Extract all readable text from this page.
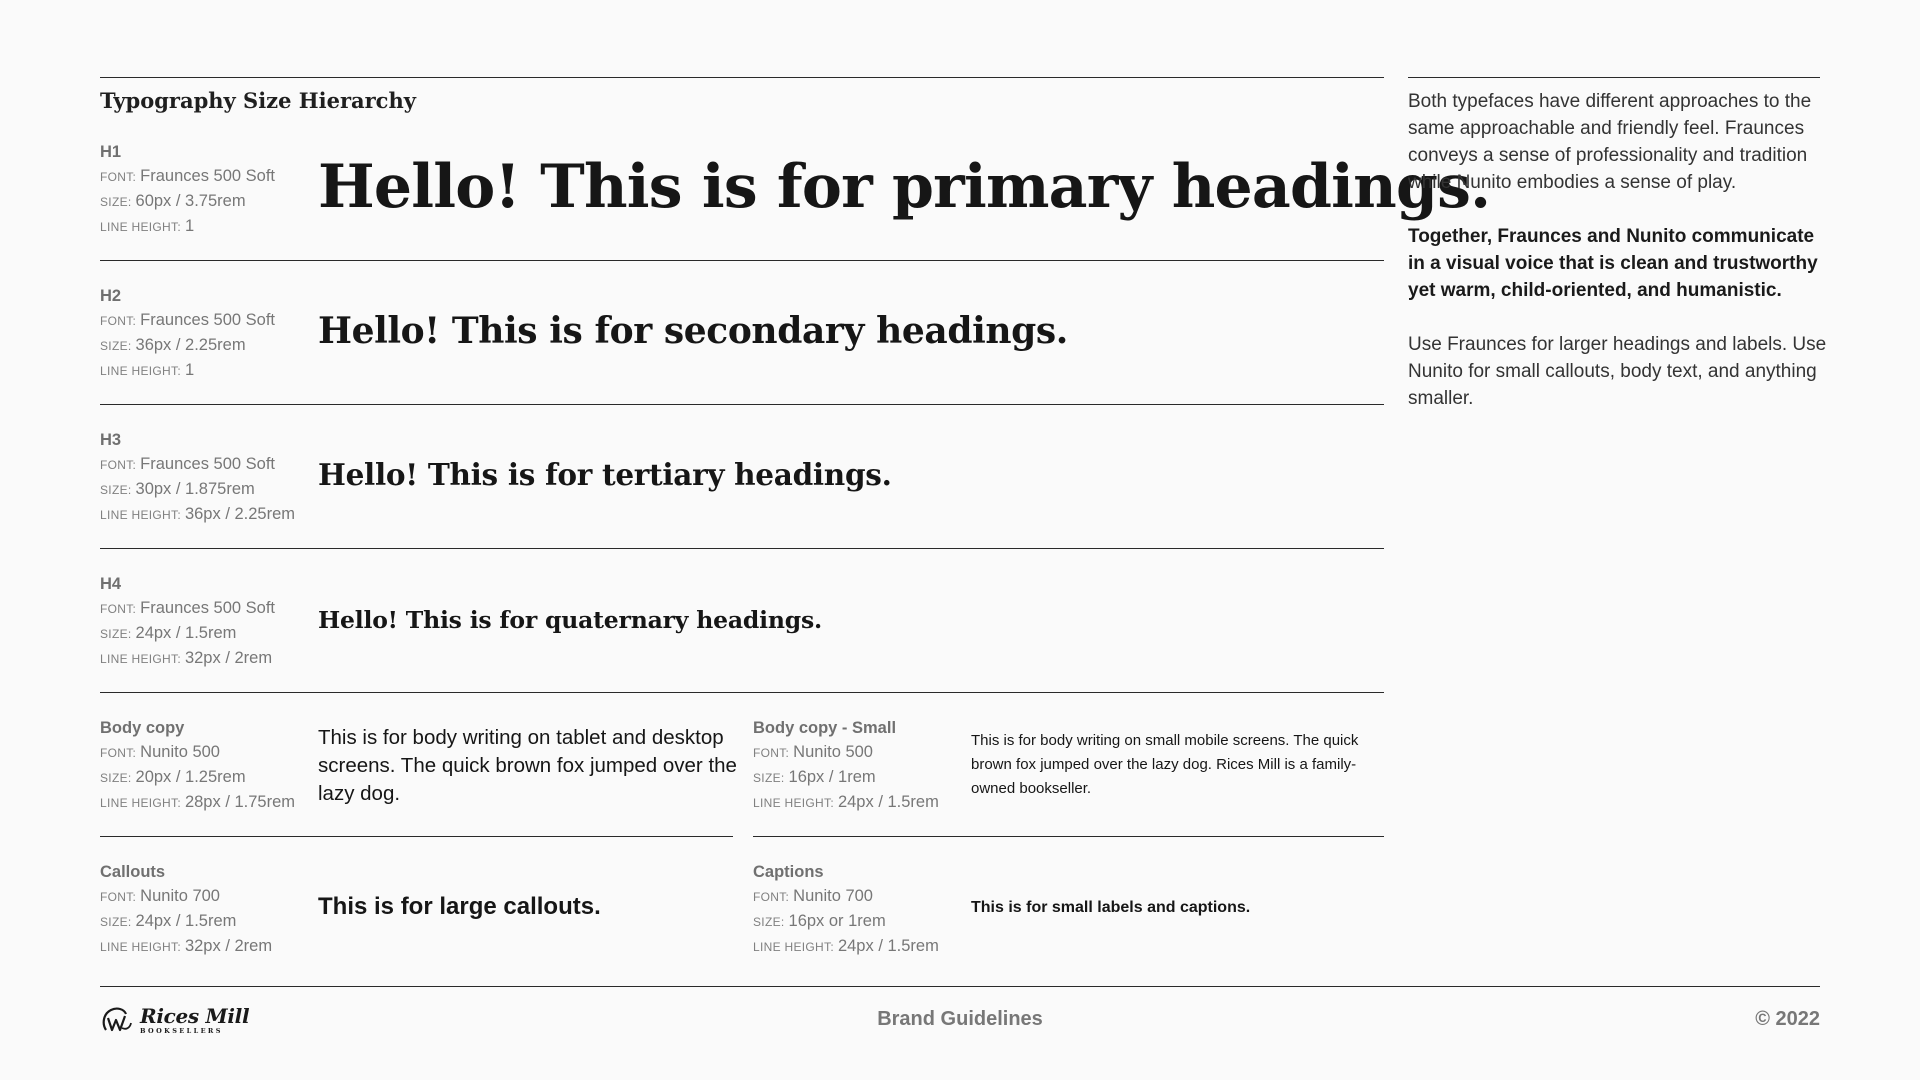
Typography Size Hierarchy
H1
FONT: Fraunces 500 Soft
SIZE: 60px / 3.75rem
LINE HEIGHT: 1
Hello! This is for primary headings.
H2
FONT: Fraunces 500 Soft
SIZE: 36px / 2.25rem
LINE HEIGHT: 1
Hello! This is for secondary headings.
H3
FONT: Fraunces 500 Soft
SIZE: 30px / 1.875rem
LINE HEIGHT: 36px / 2.25rem
Hello! This is for tertiary headings.
H4
FONT: Fraunces 500 Soft
SIZE: 24px / 1.5rem
LINE HEIGHT: 32px / 2rem
Hello! This is for quaternary headings.
Body copy
FONT: Nunito 500
SIZE: 20px / 1.25rem
LINE HEIGHT: 28px / 1.75rem
This is for body writing on tablet and desktop screens. The quick brown fox jumped over the lazy dog.
Body copy - Small
FONT: Nunito 500
SIZE: 16px / 1rem
LINE HEIGHT: 24px / 1.5rem
This is for body writing on small mobile screens. The quick brown fox jumped over the lazy dog. Rices Mill is a family-owned bookseller.
Callouts
FONT: Nunito 700
SIZE: 24px / 1.5rem
LINE HEIGHT: 32px / 2rem
This is for large callouts.
Captions
FONT: Nunito 700
SIZE: 16px or 1rem
LINE HEIGHT: 24px / 1.5rem
This is for small labels and captions.

Both typefaces have different approaches to the same approachable and friendly feel. Fraunces conveys a sense of professionality and tradition while Nunito embodies a sense of play.

Together, Fraunces and Nunito communicate in a visual voice that is clean and trustworthy yet warm, child-oriented, and humanistic.

Use Fraunces for larger headings and labels. Use Nunito for small callouts, body text, and anything smaller.

Rices Mill
BOOKSELLERS
Brand Guidelines	© 2022
